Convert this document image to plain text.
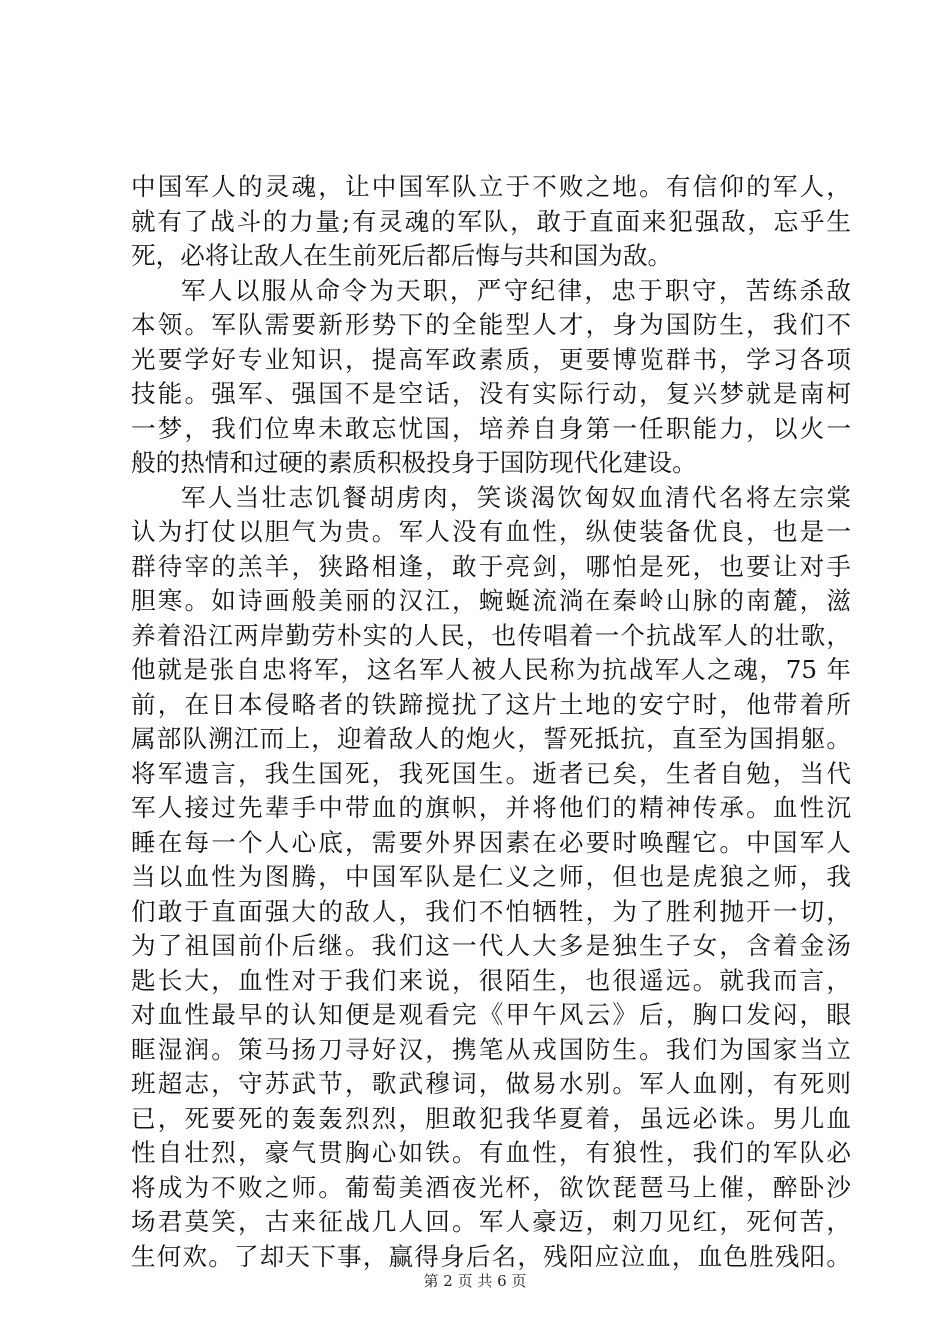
中国军人的灵魂，让中国军队立于不败之地。有信仰的军人，
就有了战斗的力量;有灵魂的军队，敢于直面来犯强敌，忘乎生
死，必将让敌人在生前死后都后悔与共和国为敌。
军人以服从命令为天职，严守纪律，忠于职守，苦练杀敌
本领。军队需要新形势下的全能型人才，身为国防生，我们不
光要学好专业知识，提高军政素质，更要博览群书，学习各项
技能。强军、强国不是空话，没有实际行动，复兴梦就是南柯
一梦，我们位卑未敢忘忧国，培养自身第一任职能力，以火一
般的热情和过硬的素质积极投身于国防现代化建设。
军人当壮志饥餐胡虏肉，笑谈渴饮匈奴血清代名将左宗棠
认为打仗以胆气为贵。军人没有血性，纵使装备优良，也是一
群待宰的羔羊，狭路相逢，敢于亮剑，哪怕是死，也要让对手
胆寒。如诗画般美丽的汉江，蜿蜒流淌在秦岭山脉的南麓，滋
养着沿江两岸勤劳朴实的人民，也传唱着一个抗战军人的壮歌，
他就是张自忠将军，这名军人被人民称为抗战军人之魂，75 年
前，在日本侵略者的铁蹄搅扰了这片土地的安宁时，他带着所
属部队溯江而上，迎着敌人的炮火，誓死抵抗，直至为国捐躯。
将军遗言，我生国死，我死国生。逝者已矣，生者自勉，当代
军人接过先辈手中带血的旗帜，并将他们的精神传承。血性沉
睡在每一个人心底，需要外界因素在必要时唤醒它。中国军人
当以血性为图腾，中国军队是仁义之师，但也是虎狼之师，我
们敢于直面强大的敌人，我们不怕牺牲，为了胜利抛开一切，
为了祖国前仆后继。我们这一代人大多是独生子女，含着金汤
匙长大，血性对于我们来说，很陌生，也很遥远。就我而言，
对血性最早的认知便是观看完《甲午风云》后，胸口发闷，眼
眶湿润。策马扬刀寻好汉，携笔从戎国防生。我们为国家当立
班超志，守苏武节，歌武穆词，做易水别。军人血刚，有死则
已，死要死的轰轰烈烈，胆敢犯我华夏着，虽远必诛。男儿血
性自壮烈，豪气贯胸心如铁。有血性，有狼性，我们的军队必
将成为不败之师。葡萄美酒夜光杯，欲饮琵琶马上催，醉卧沙
场君莫笑，古来征战几人回。军人豪迈，刺刀见红，死何苦，
生何欢。了却天下事，赢得身后名，残阳应泣血，血色胜残阳。
第 2 页 共 6 页
